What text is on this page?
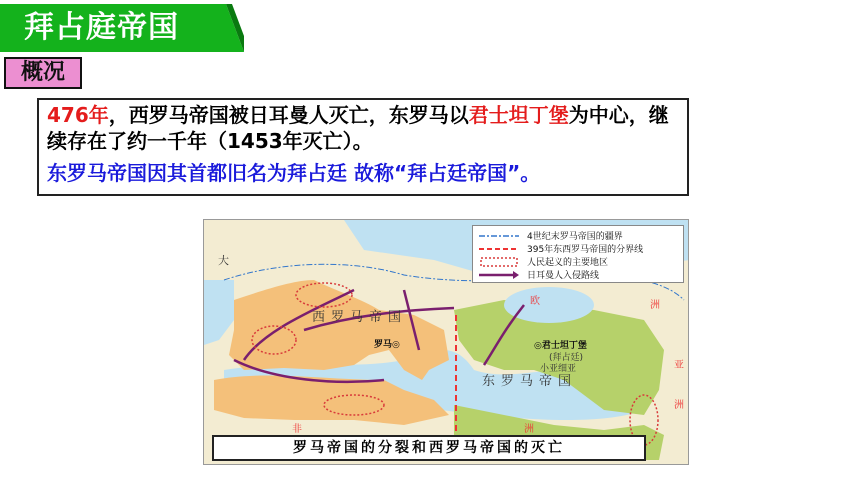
拜占庭帝国
概况

476年，西罗马帝国被日耳曼人灭亡，东罗马以君士坦丁堡为中心，继续存在了约一千年（1453年灭亡）。

东罗马帝国因其首都旧名为拜占廷 故称“拜占廷帝国”。

4世纪末罗马帝国的疆界
395年东西罗马帝国的分界线
人民起义的主要地区
日耳曼人入侵路线
西罗马帝国
东罗马帝国
罗马◎	◎君士坦丁堡
(拜占廷)
小亚细亚
欧	洲
亚
洲
非	洲
大
罗马帝国的分裂和西罗马帝国的灭亡
